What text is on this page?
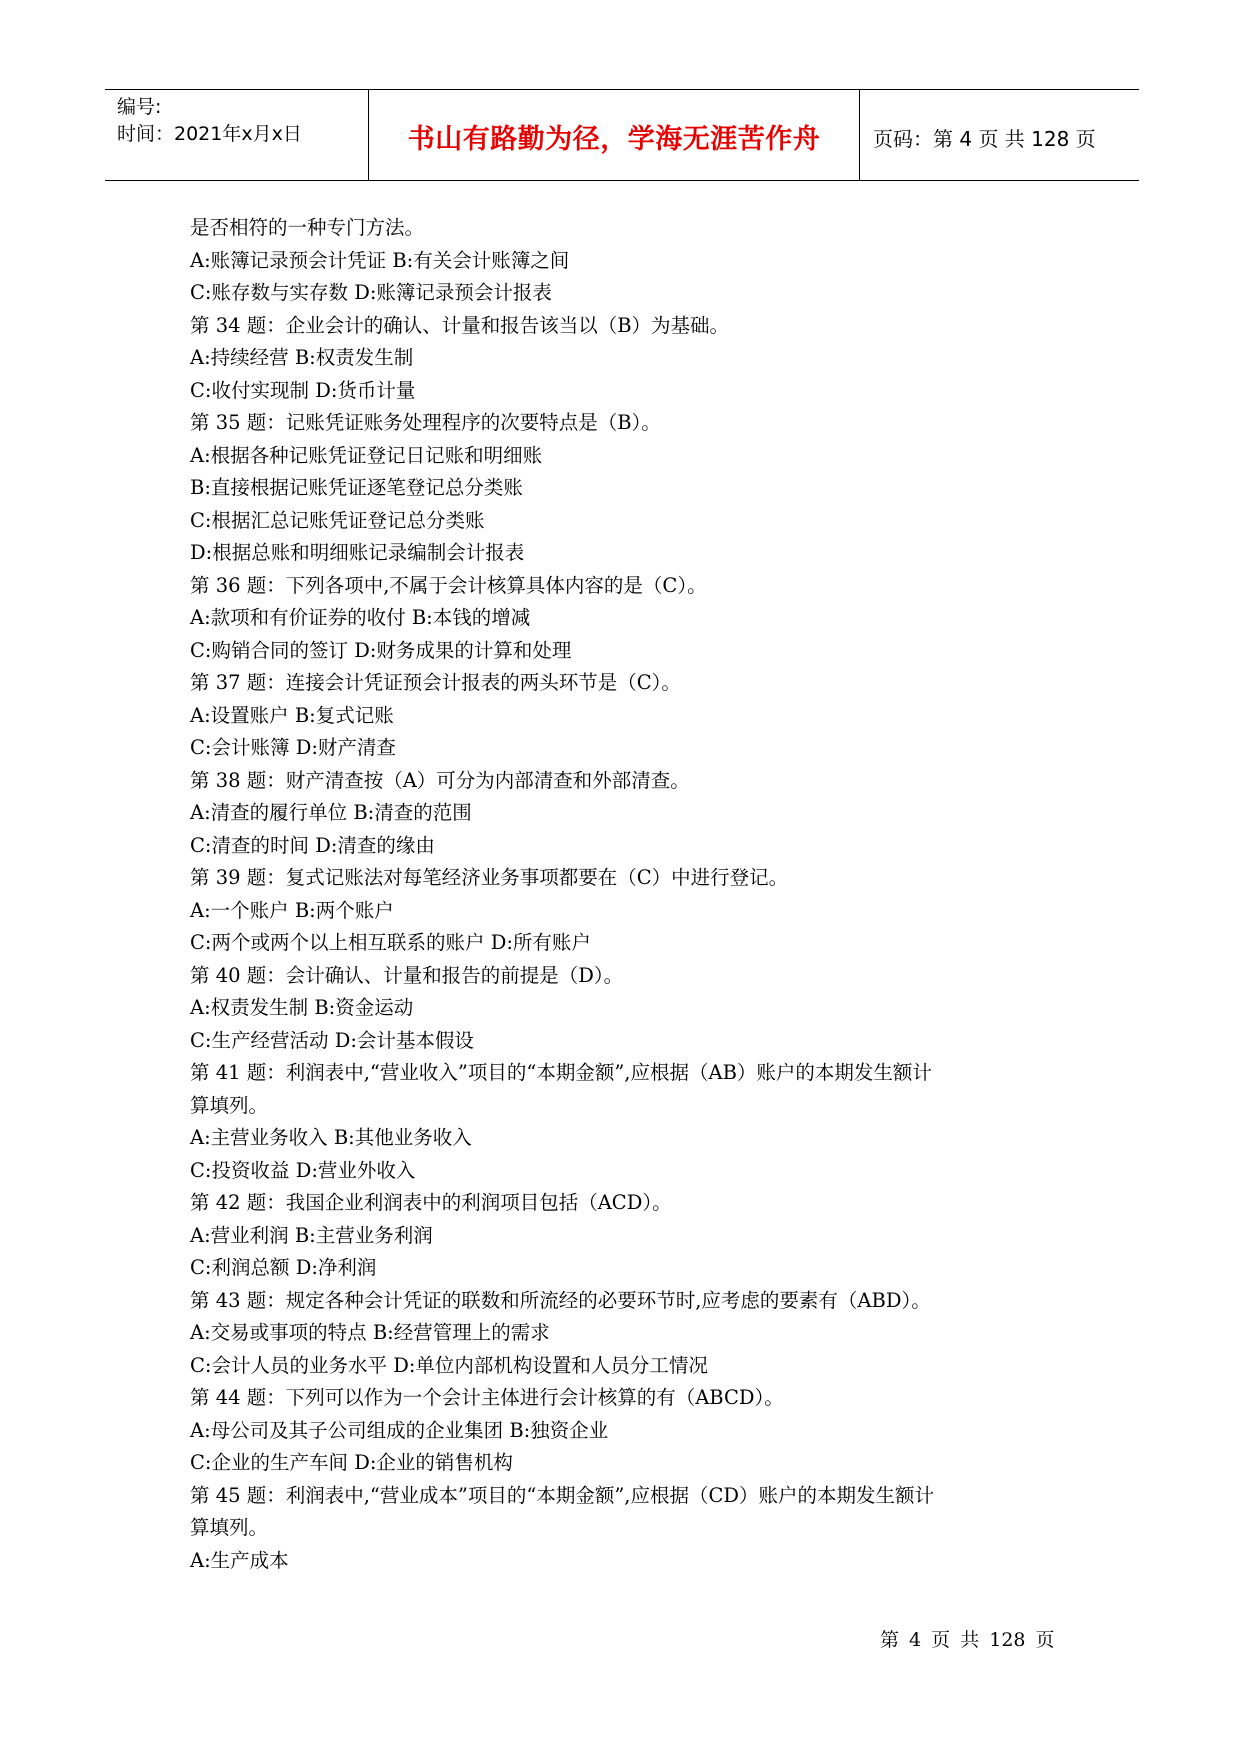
编号:
时间：2021年x月x日	书山有路勤为径，学海无涯苦作舟	页码：第 4 页 共 128 页
是否相符的一种专门方法。
A:账簿记录预会计凭证 B:有关会计账簿之间
C:账存数与实存数 D:账簿记录预会计报表
第 34 题：企业会计的确认、计量和报告该当以（B）为基础。
A:持续经营 B:权责发生制
C:收付实现制 D:货币计量
第 35 题：记账凭证账务处理程序的次要特点是（B）。
A:根据各种记账凭证登记日记账和明细账
B:直接根据记账凭证逐笔登记总分类账
C:根据汇总记账凭证登记总分类账
D:根据总账和明细账记录编制会计报表
第 36 题：下列各项中,不属于会计核算具体内容的是（C）。
A:款项和有价证券的收付 B:本钱的增减
C:购销合同的签订 D:财务成果的计算和处理
第 37 题：连接会计凭证预会计报表的两头环节是（C）。
A:设置账户 B:复式记账
C:会计账簿 D:财产清查
第 38 题：财产清查按（A）可分为内部清查和外部清查。
A:清查的履行单位 B:清查的范围
C:清查的时间 D:清查的缘由
第 39 题：复式记账法对每笔经济业务事项都要在（C）中进行登记。
A:一个账户 B:两个账户
C:两个或两个以上相互联系的账户 D:所有账户
第 40 题：会计确认、计量和报告的前提是（D）。
A:权责发生制 B:资金运动
C:生产经营活动 D:会计基本假设
第 41 题：利润表中,“营业收入”项目的“本期金额”,应根据（AB）账户的本期发生额计
算填列。
A:主营业务收入 B:其他业务收入
C:投资收益 D:营业外收入
第 42 题：我国企业利润表中的利润项目包括（ACD）。
A:营业利润 B:主营业务利润
C:利润总额 D:净利润
第 43 题：规定各种会计凭证的联数和所流经的必要环节时,应考虑的要素有（ABD）。
A:交易或事项的特点 B:经营管理上的需求
C:会计人员的业务水平 D:单位内部机构设置和人员分工情况
第 44 题：下列可以作为一个会计主体进行会计核算的有（ABCD）。
A:母公司及其子公司组成的企业集团 B:独资企业
C:企业的生产车间 D:企业的销售机构
第 45 题：利润表中,“营业成本”项目的“本期金额”,应根据（CD）账户的本期发生额计
算填列。
A:生产成本
第 4 页 共 128 页
